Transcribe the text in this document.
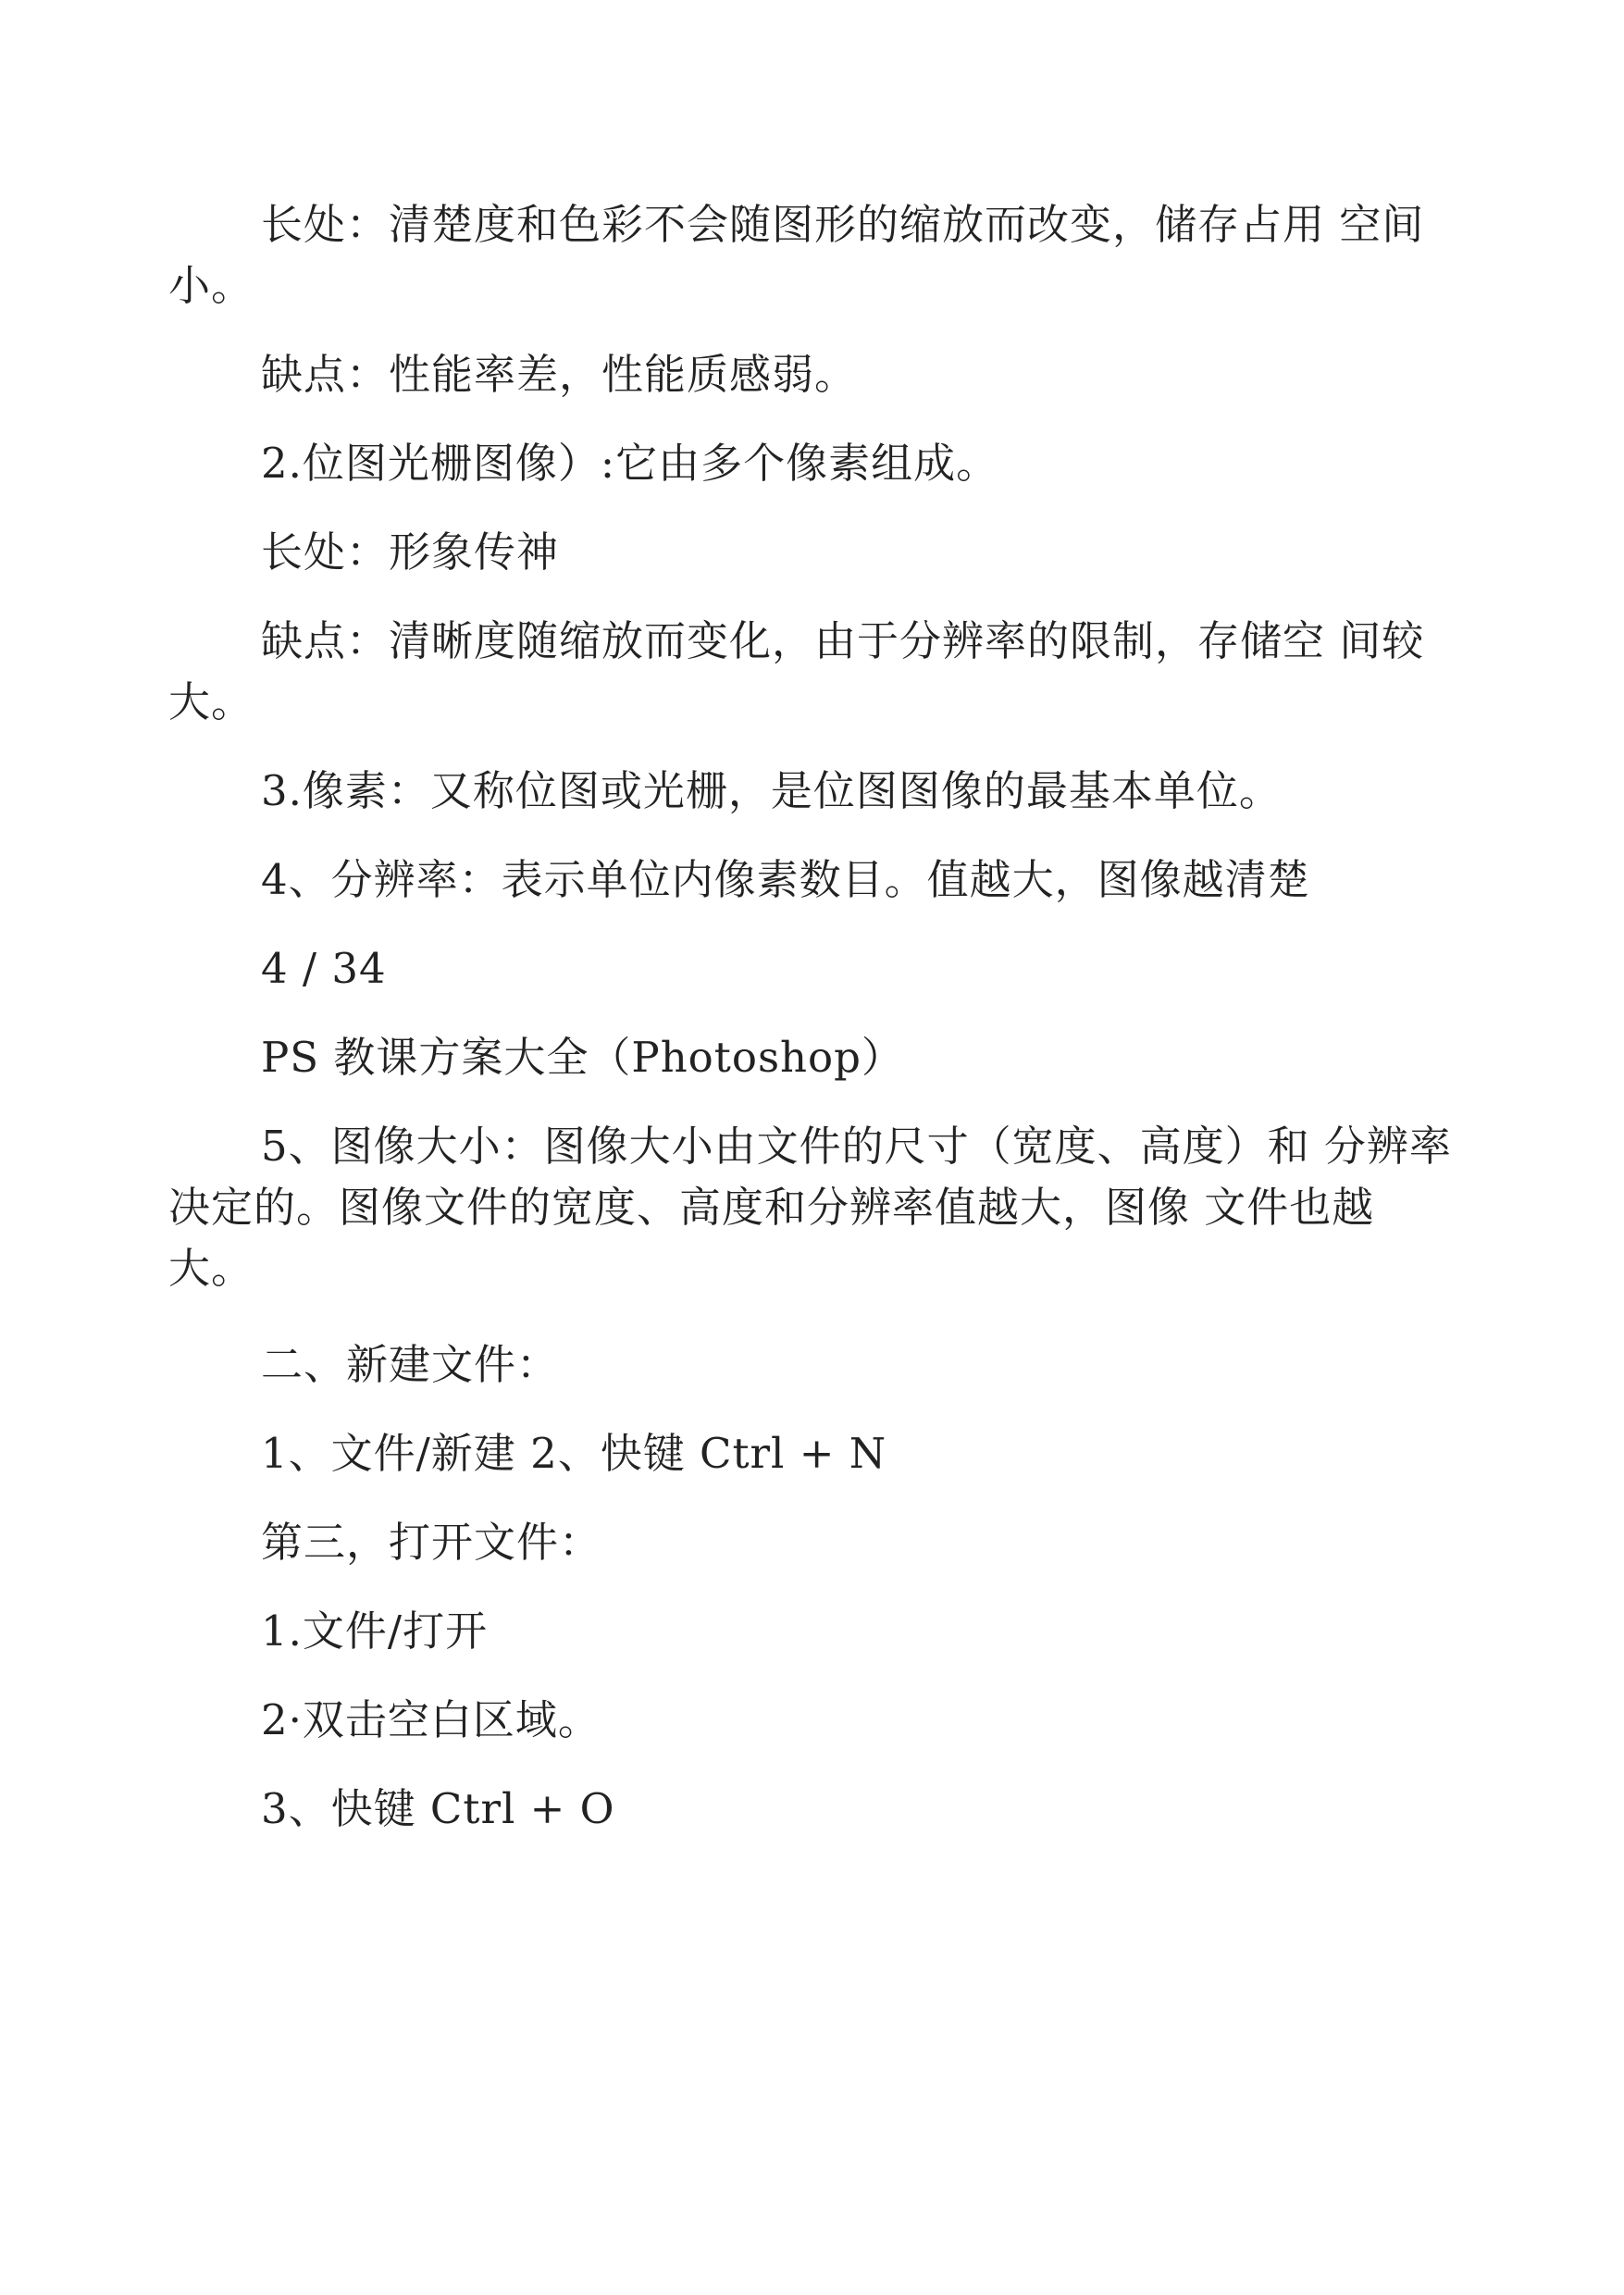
长处：清楚度和色彩不会随图形的缩放而改变，储存占用 空间小。

缺点：性能率差，性能质感弱。

2.位图光栅图像）:它由多个像素组成。

长处：形象传神

缺点：清晰度随缩放而变化，由于分辨率的限制，存储空 间较大。

3.像素：又称位图或光栅，是位图图像的最基本单位。

4、分辨率：表示单位内像素数目。值越大，图像越清楚

4 / 34

PS 教课方案大全（Photoshop）

5、图像大小：图像大小由文件的尺寸（宽度、高度）和 分辨率决定的。图像文件的宽度、高度和分辨率值越大，图像 文件也越大。

二、新建文件：

1、文件/新建 2、快键 Ctrl + N

第三，打开文件：

1.文件/打开

2·双击空白区域。

3、快键 Ctrl + O
